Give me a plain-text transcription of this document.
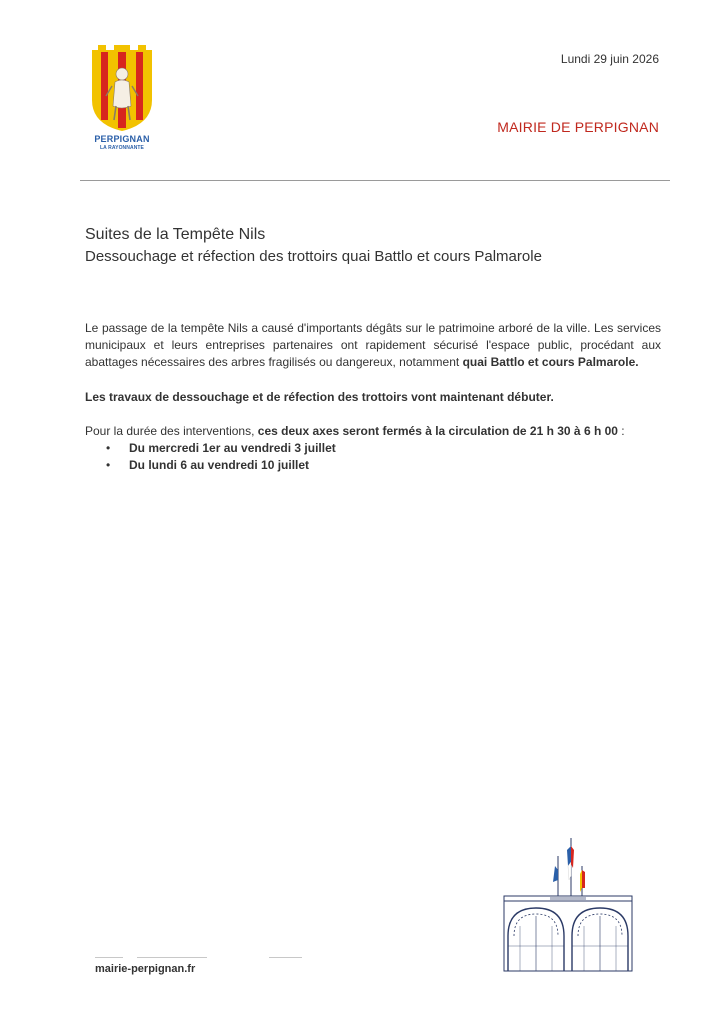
PERPIGNAN
LA RAYONNANTE
Lundi 29 juin 2026
MAIRIE DE PERPIGNAN
Suites de la Tempête Nils
Dessouchage et réfection des trottoirs quai Battlo et cours Palmarole

Le passage de la tempête Nils a causé d'importants dégâts sur le patrimoine arboré de la ville. Les services municipaux et leurs entreprises partenaires ont rapidement sécurisé l'espace public, procédant aux abattages nécessaires des arbres fragilisés ou dangereux, notamment quai Battlo et cours Palmarole.

Les travaux de dessouchage et de réfection des trottoirs vont maintenant débuter.

Pour la durée des interventions, ces deux axes seront fermés à la circulation de 21 h 30 à 6 h 00 :

• Du mercredi 1er au vendredi 3 juillet
• Du lundi 6 au vendredi 10 juillet
mairie-perpignan.fr
